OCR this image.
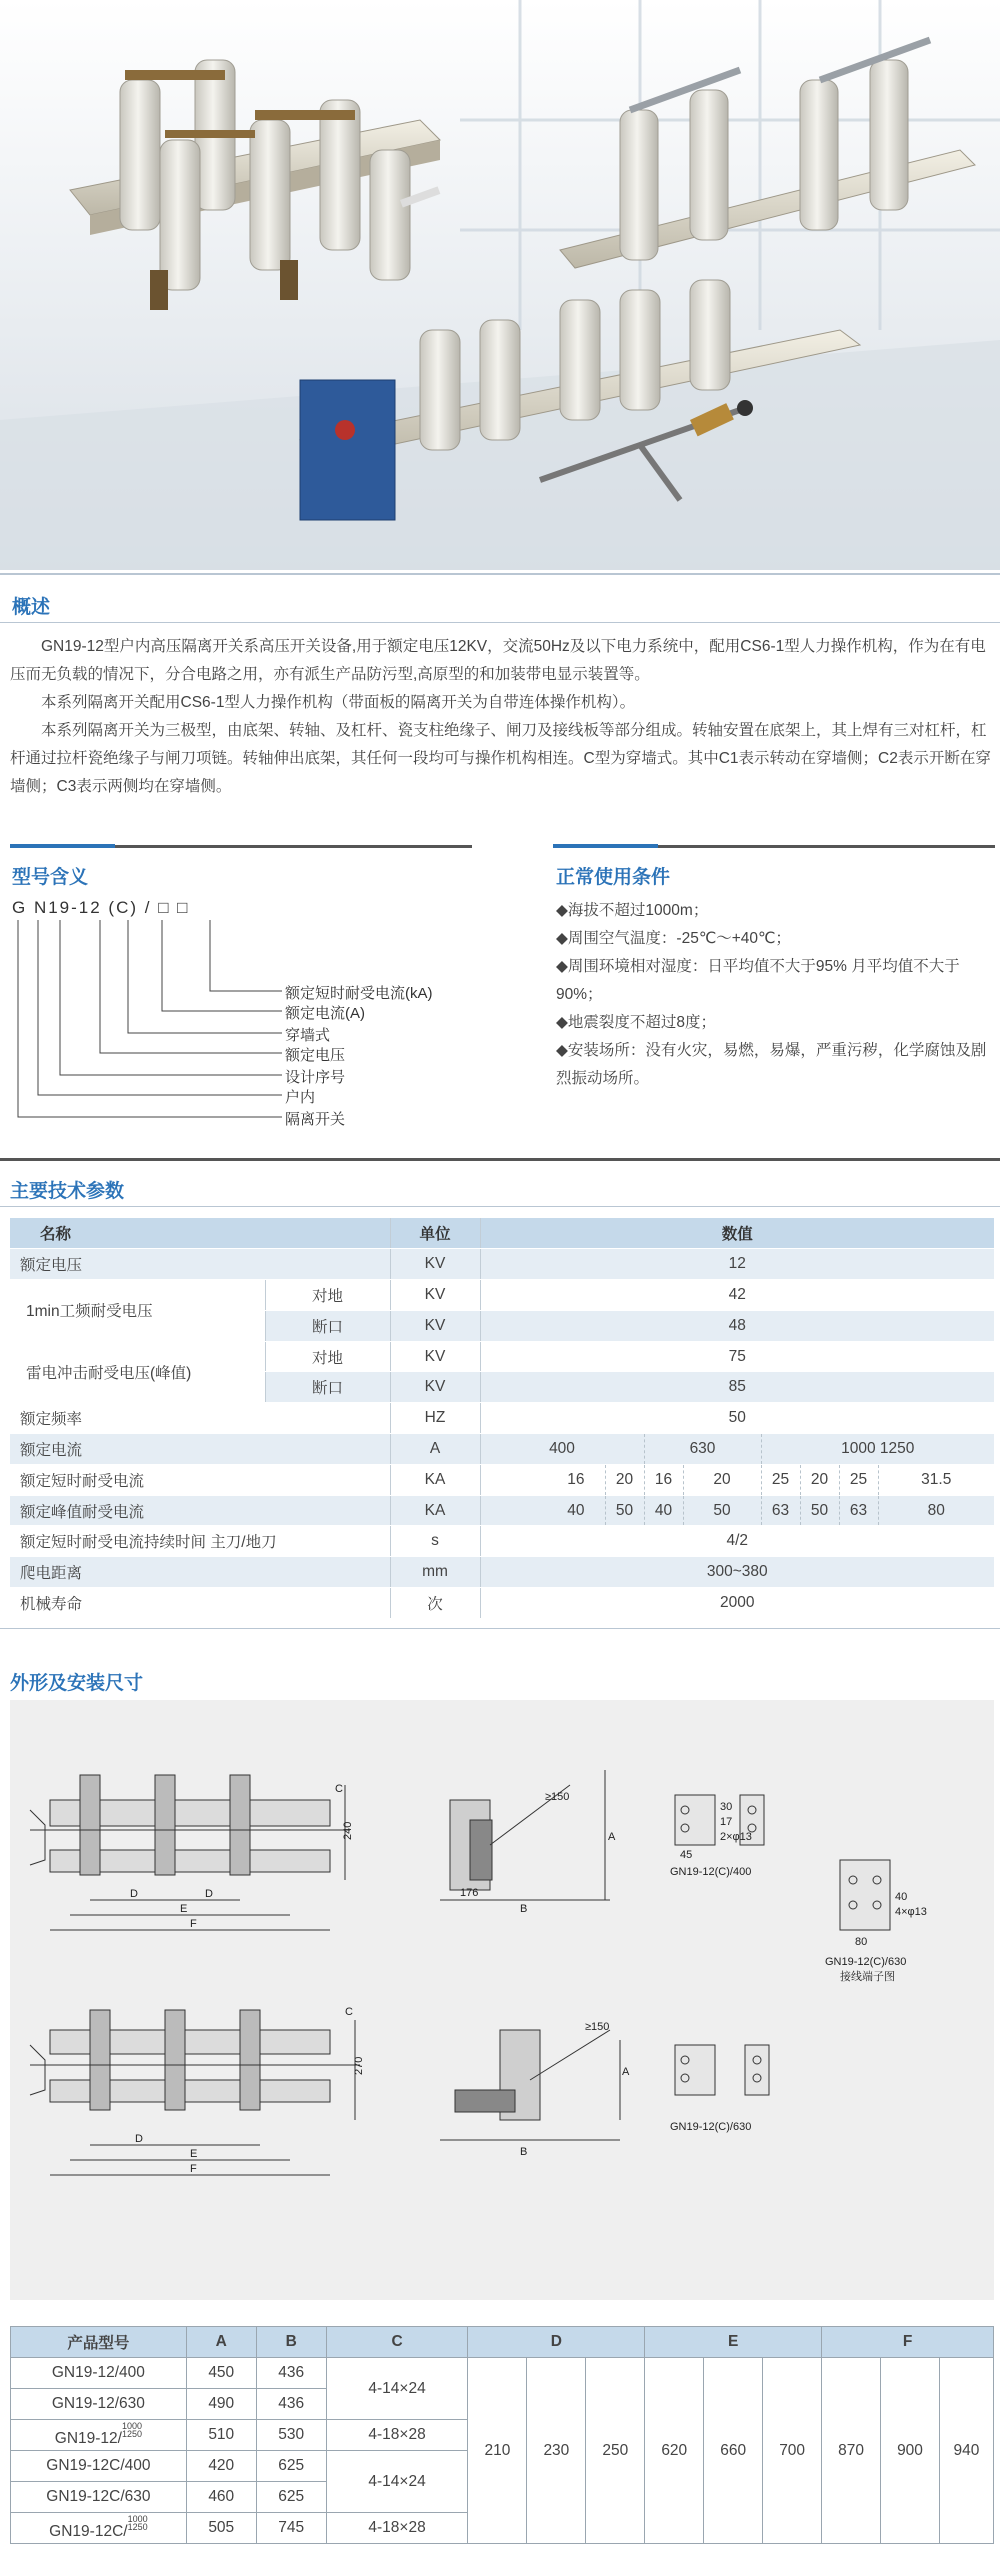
概述

GN19-12型户内高压隔离开关系高压开关设备,用于额定电压12KV，交流50Hz及以下电力系统中，配用CS6-1型人力操作机构，作为在有电压而无负载的情况下，分合电路之用，亦有派生产品防污型,高原型的和加装带电显示装置等。

本系列隔离开关配用CS6-1型人力操作机构（带面板的隔离开关为自带连体操作机构）。

本系列隔离开关为三极型，由底架、转轴、及杠杆、瓷支柱绝缘子、闸刀及接线板等部分组成。转轴安置在底架上，其上焊有三对杠杆，杠杆通过拉杆瓷绝缘子与闸刀项链。转轴伸出底架，其任何一段均可与操作机构相连。C型为穿墙式。其中C1表示转动在穿墙侧；C2表示开断在穿墙侧；C3表示两侧均在穿墙侧。

型号含义
G N19-12 (C) / □ □
额定短时耐受电流(kA)
额定电流(A)
穿墙式
额定电压
设计序号
户内
隔离开关
正常使用条件
◆海拔不超过1000m；
◆周围空气温度：-25℃～+40℃；
◆周围环境相对湿度：日平均值不大于95% 月平均值不大于90%；
◆地震裂度不超过8度；
◆安装场所：没有火灾，易燃，易爆，严重污秽，化学腐蚀及剧烈振动场所。
主要技术参数
名称		单位	数值							
额定电压		KV	12							
1min工频耐受电压	对地	KV	42							
	断口	KV	48							
雷电冲击耐受电压(峰值)	对地	KV	75							
	断口	KV	85							
额定频率		HZ	50							
额定电流		A	400		630		1000 1250			
额定短时耐受电流		KA	16	20	16	20	25	20	25	31.5
额定峰值耐受电流		KA	40	50	40	50	63	50	63	80
额定短时耐受电流持续时间 主刀/地刀		s	4/2							
爬电距离		mm	300~380							
机械寿命		次	2000							
外形及安装尺寸
D	D
E
F
C
240
176
B
≥150
A
45
30
17
2×φ13
GN19-12(C)/400
40
4×φ13
80
GN19-12(C)/630
接线端子图
D
E
F
C
270
B
≥150
A
GN19-12(C)/630
产品型号	A	B	C	D			E			F		
GN19-12/400	450	436	4-14×24	210	230	250	620	660	700	870	900	940
GN19-12/630	490	436										
GN19-12/1000
1250	510	530	4-18×28									
GN19-12C/400	420	625	4-14×24									
GN19-12C/630	460	625										
GN19-12C/1000
1250	505	745	4-18×28									
